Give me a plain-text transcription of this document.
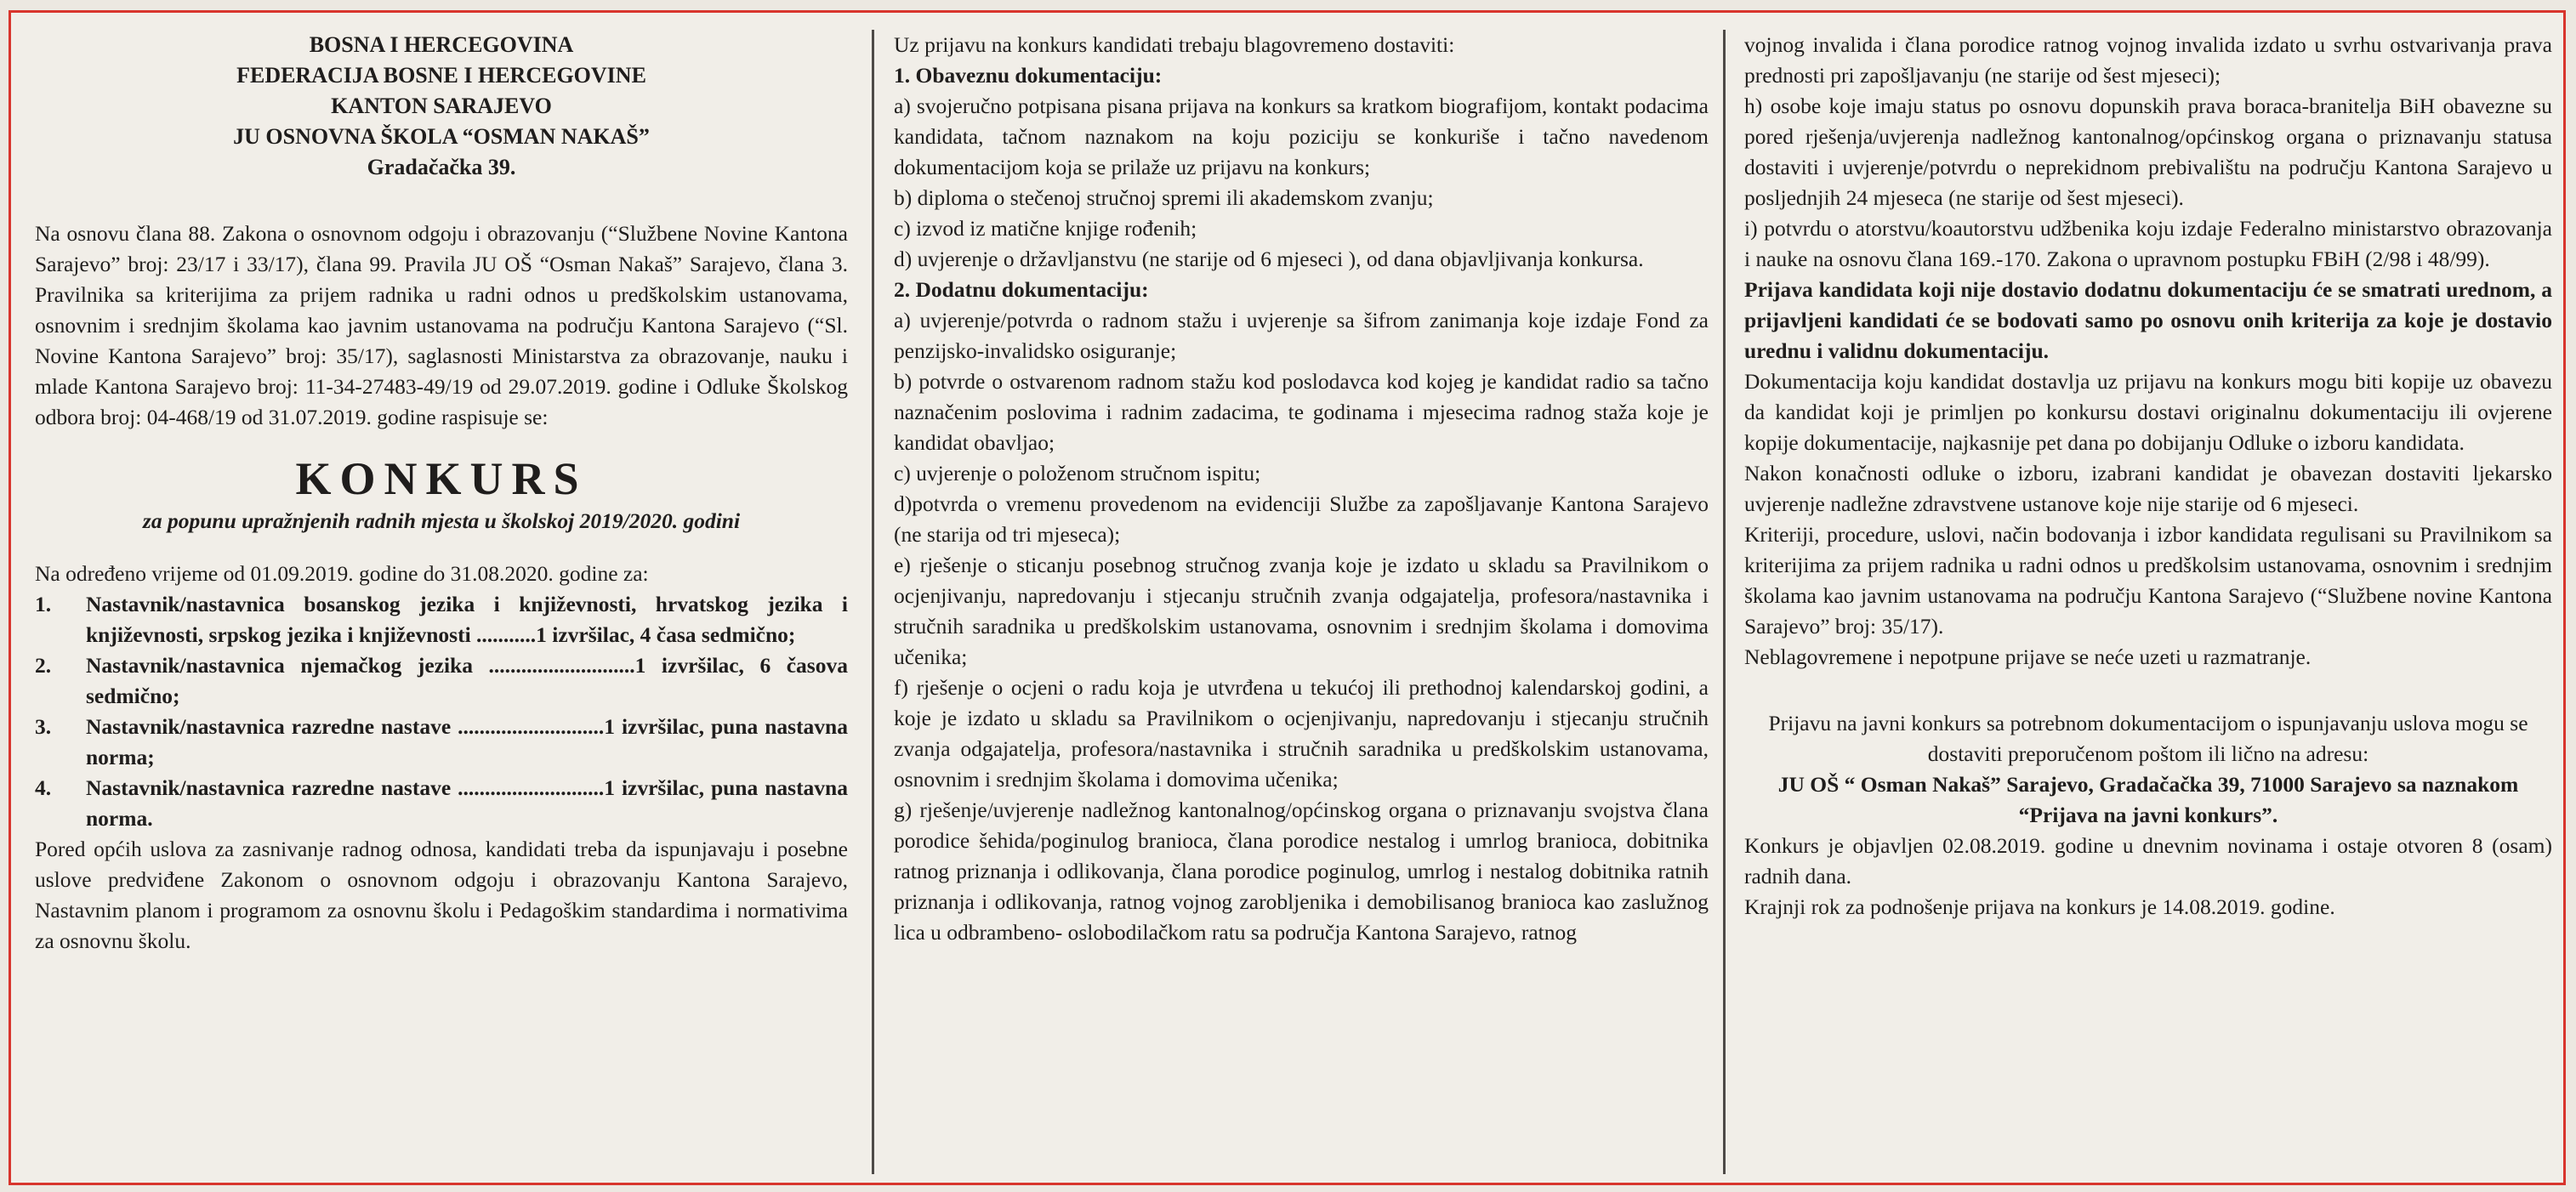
BOSNA I HERCEGOVINA
FEDERACIJA BOSNE I HERCEGOVINE
KANTON SARAJEVO
JU OSNOVNA ŠKOLA “OSMAN NAKAŠ”
Gradačačka 39.

Na osnovu člana 88. Zakona o osnovnom odgoju i obrazovanju (“Službene Novine Kantona Sarajevo” broj: 23/17 i 33/17), člana 99. Pravila JU OŠ “Osman Nakaš” Sarajevo, člana 3. Pravilnika sa kriterijima za prijem radnika u radni odnos u predškolskim ustanovama, osnovnim i srednjim školama kao javnim ustanovama na području Kantona Sarajevo (“Sl. Novine Kantona Sarajevo” broj: 35/17), saglasnosti Ministarstva za obrazovanje, nauku i mlade Kantona Sarajevo broj: 11-34-27483-49/19 od 29.07.2019. godine i Odluke Školskog odbora broj: 04-468/19 od 31.07.2019. godine raspisuje se:

KONKURS

za popunu upražnjenih radnih mjesta u školskoj 2019/2020. godini

Na određeno vrijeme od 01.09.2019. godine do 31.08.2020. godine za:

1.	Nastavnik/nastavnica bosanskog jezika i književnosti, hrvatskog jezika i književnosti, srpskog jezika i književnosti ...........1 izvršilac, 4 časa sedmično;
2.	Nastavnik/nastavnica njemačkog jezika ...........................1 izvršilac, 6 časova sedmično;
3.	Nastavnik/nastavnica razredne nastave ...........................1 izvršilac, puna nastavna norma;
4.	Nastavnik/nastavnica razredne nastave ...........................1 izvršilac, puna nastavna norma.

Pored općih uslova za zasnivanje radnog odnosa, kandidati treba da ispunjavaju i posebne uslove predviđene Zakonom o osnovnom odgoju i obrazovanju Kantona Sarajevo, Nastavnim planom i programom za osnovnu školu i Pedagoškim standardima i normativima za osnovnu školu.

Uz prijavu na konkurs kandidati trebaju blagovremeno dostaviti:

1. Obaveznu dokumentaciju:

a) svojeručno potpisana pisana prijava na konkurs sa kratkom biografijom, kontakt podacima kandidata, tačnom naznakom na koju poziciju se konkuriše i tačno navedenom dokumentacijom koja se prilaže uz prijavu na konkurs;

b) diploma o stečenoj stručnoj spremi ili akademskom zvanju;

c) izvod iz matične knjige rođenih;

d) uvjerenje o državljanstvu (ne starije od 6 mjeseci ), od dana objavljivanja konkursa.

2. Dodatnu dokumentaciju:

a) uvjerenje/potvrda o radnom stažu i uvjerenje sa šifrom zanimanja koje izdaje Fond za penzijsko-invalidsko osiguranje;

b) potvrde o ostvarenom radnom stažu kod poslodavca kod kojeg je kandidat radio sa tačno naznačenim poslovima i radnim zadacima, te godinama i mjesecima radnog staža koje je kandidat obavljao;

c) uvjerenje o položenom stručnom ispitu;

d)potvrda o vremenu provedenom na evidenciji Službe za zapošljavanje Kantona Sarajevo (ne starija od tri mjeseca);

e) rješenje o sticanju posebnog stručnog zvanja koje je izdato u skladu sa Pravilnikom o ocjenjivanju, napredovanju i stjecanju stručnih zvanja odgajatelja, profesora/nastavnika i stručnih saradnika u predškolskim ustanovama, osnovnim i srednjim školama i domovima učenika;

f) rješenje o ocjeni o radu koja je utvrđena u tekućoj ili prethodnoj kalendarskoj godini, a koje je izdato u skladu sa Pravilnikom o ocjenjivanju, napredovanju i stjecanju stručnih zvanja odgajatelja, profesora/nastavnika i stručnih saradnika u predškolskim ustanovama, osnovnim i srednjim školama i domovima učenika;

g) rješenje/uvjerenje nadležnog kantonalnog/općinskog organa o priznavanju svojstva člana porodice šehida/poginulog branioca, člana porodice nestalog i umrlog branioca, dobitnika ratnog priznanja i odlikovanja, člana porodice poginulog, umrlog i nestalog dobitnika ratnih priznanja i odlikovanja, ratnog vojnog zarobljenika i demobilisanog branioca kao zaslužnog lica u odbrambeno- oslobodilačkom ratu sa područja Kantona Sarajevo, ratnog

vojnog invalida i člana porodice ratnog vojnog invalida izdato u svrhu ostvarivanja prava prednosti pri zapošljavanju (ne starije od šest mjeseci);

h) osobe koje imaju status po osnovu dopunskih prava boraca-branitelja BiH obavezne su pored rješenja/uvjerenja nadležnog kantonalnog/općinskog organa o priznavanju statusa dostaviti i uvjerenje/potvrdu o neprekidnom prebivalištu na području Kantona Sarajevo u posljednjih 24 mjeseca (ne starije od šest mjeseci).

i) potvrdu o atorstvu/koautorstvu udžbenika koju izdaje Federalno ministarstvo obrazovanja i nauke na osnovu člana 169.-170. Zakona o upravnom postupku FBiH (2/98 i 48/99).

Prijava kandidata koji nije dostavio dodatnu dokumentaciju će se smatrati urednom, a prijavljeni kandidati će se bodovati samo po osnovu onih kriterija za koje je dostavio urednu i validnu dokumentaciju.

Dokumentacija koju kandidat dostavlja uz prijavu na konkurs mogu biti kopije uz obavezu da kandidat koji je primljen po konkursu dostavi originalnu dokumentaciju ili ovjerene kopije dokumentacije, najkasnije pet dana po dobijanju Odluke o izboru kandidata.

Nakon konačnosti odluke o izboru, izabrani kandidat je obavezan dostaviti ljekarsko uvjerenje nadležne zdravstvene ustanove koje nije starije od 6 mjeseci.

Kriteriji, procedure, uslovi, način bodovanja i izbor kandidata regulisani su Pravilnikom sa kriterijima za prijem radnika u radni odnos u predškolsim ustanovama, osnovnim i srednjim školama kao javnim ustanovama na području Kantona Sarajevo (“Službene novine Kantona Sarajevo” broj: 35/17).

Neblagovremene i nepotpune prijave se neće uzeti u razmatranje.

Prijavu na javni konkurs sa potrebnom dokumentacijom o ispunjavanju uslova mogu se dostaviti preporučenom poštom ili lično na adresu:

JU OŠ “ Osman Nakaš” Sarajevo, Gradačačka 39, 71000 Sarajevo sa naznakom “Prijava na javni konkurs”.

Konkurs je objavljen 02.08.2019. godine u dnevnim novinama i ostaje otvoren 8 (osam) radnih dana.

Krajnji rok za podnošenje prijava na konkurs je 14.08.2019. godine.
